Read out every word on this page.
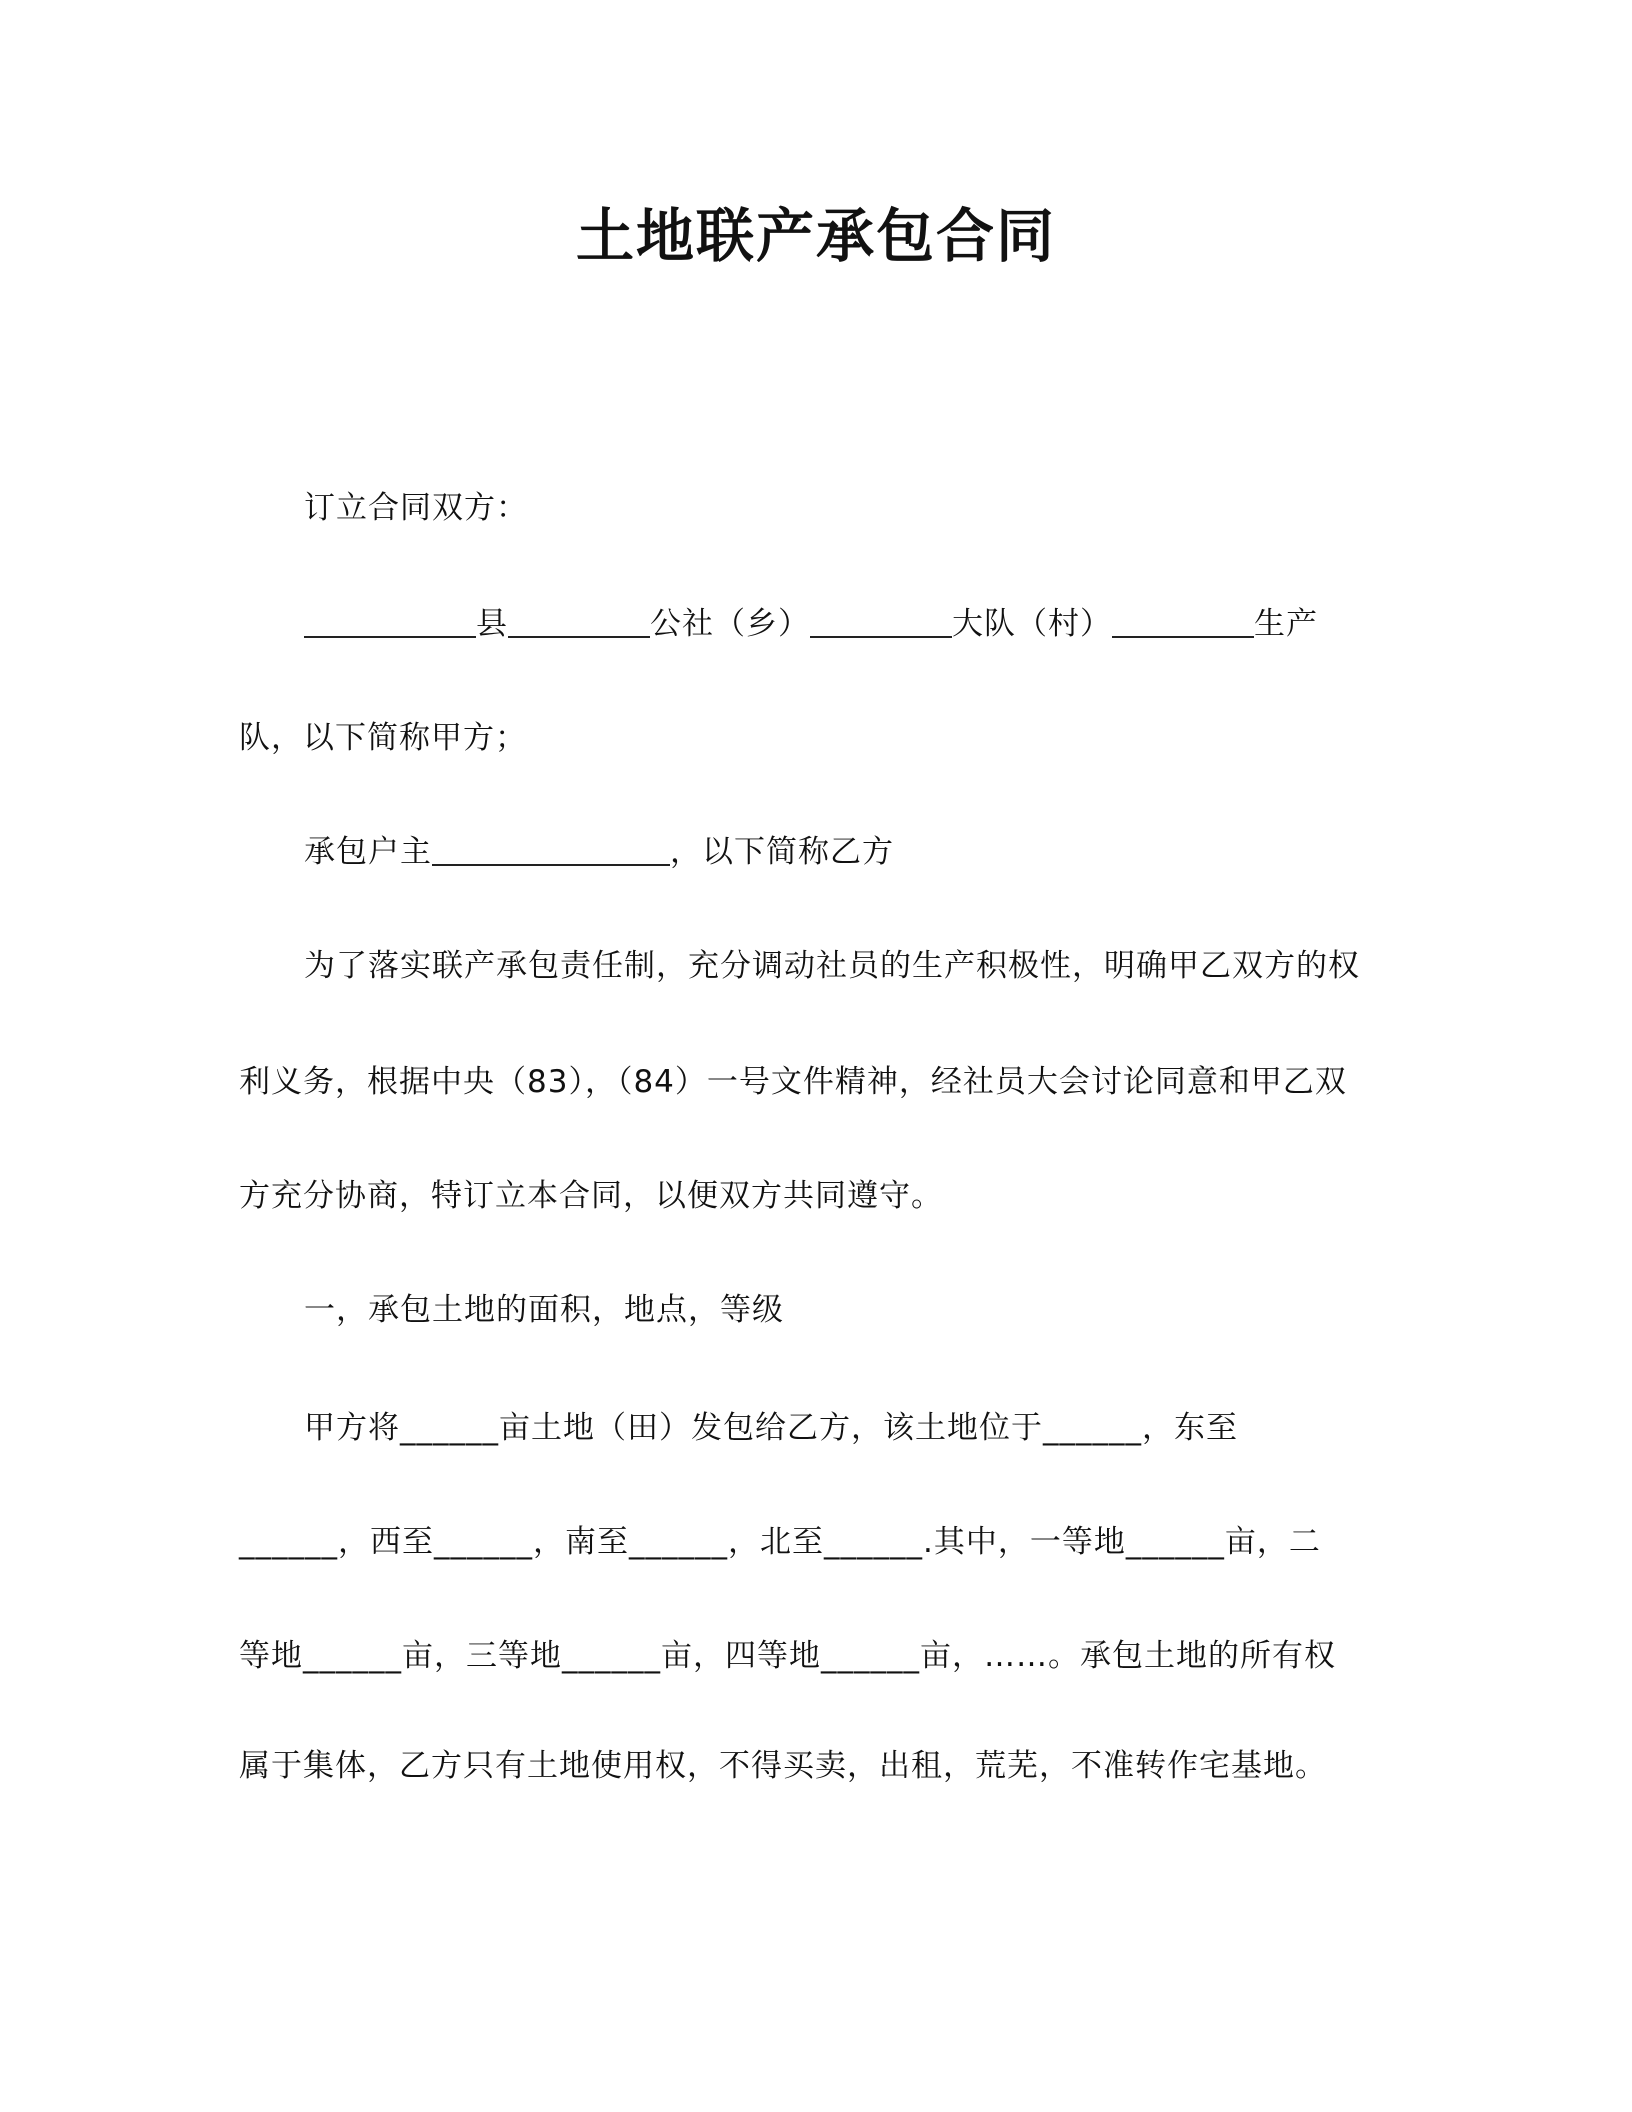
土地联产承包合同
订立合同双方：
县	公社（乡）	大队（村）	生产
队，以下简称甲方；
承包户主	，以下简称乙方
为了落实联产承包责任制，充分调动社员的生产积极性，明确甲乙双方的权
利义务，根据中央（83），（84）一号文件精神，经社员大会讨论同意和甲乙双
方充分协商，特订立本合同，以便双方共同遵守。
一，承包土地的面积，地点，等级
甲方将______亩土地（田）发包给乙方，该土地位于______，东至
______，西至______，南至______，北至______.其中，一等地______亩，二
等地______亩，三等地______亩，四等地______亩，……。承包土地的所有权
属于集体，乙方只有土地使用权，不得买卖，出租，荒芜，不准转作宅基地。
